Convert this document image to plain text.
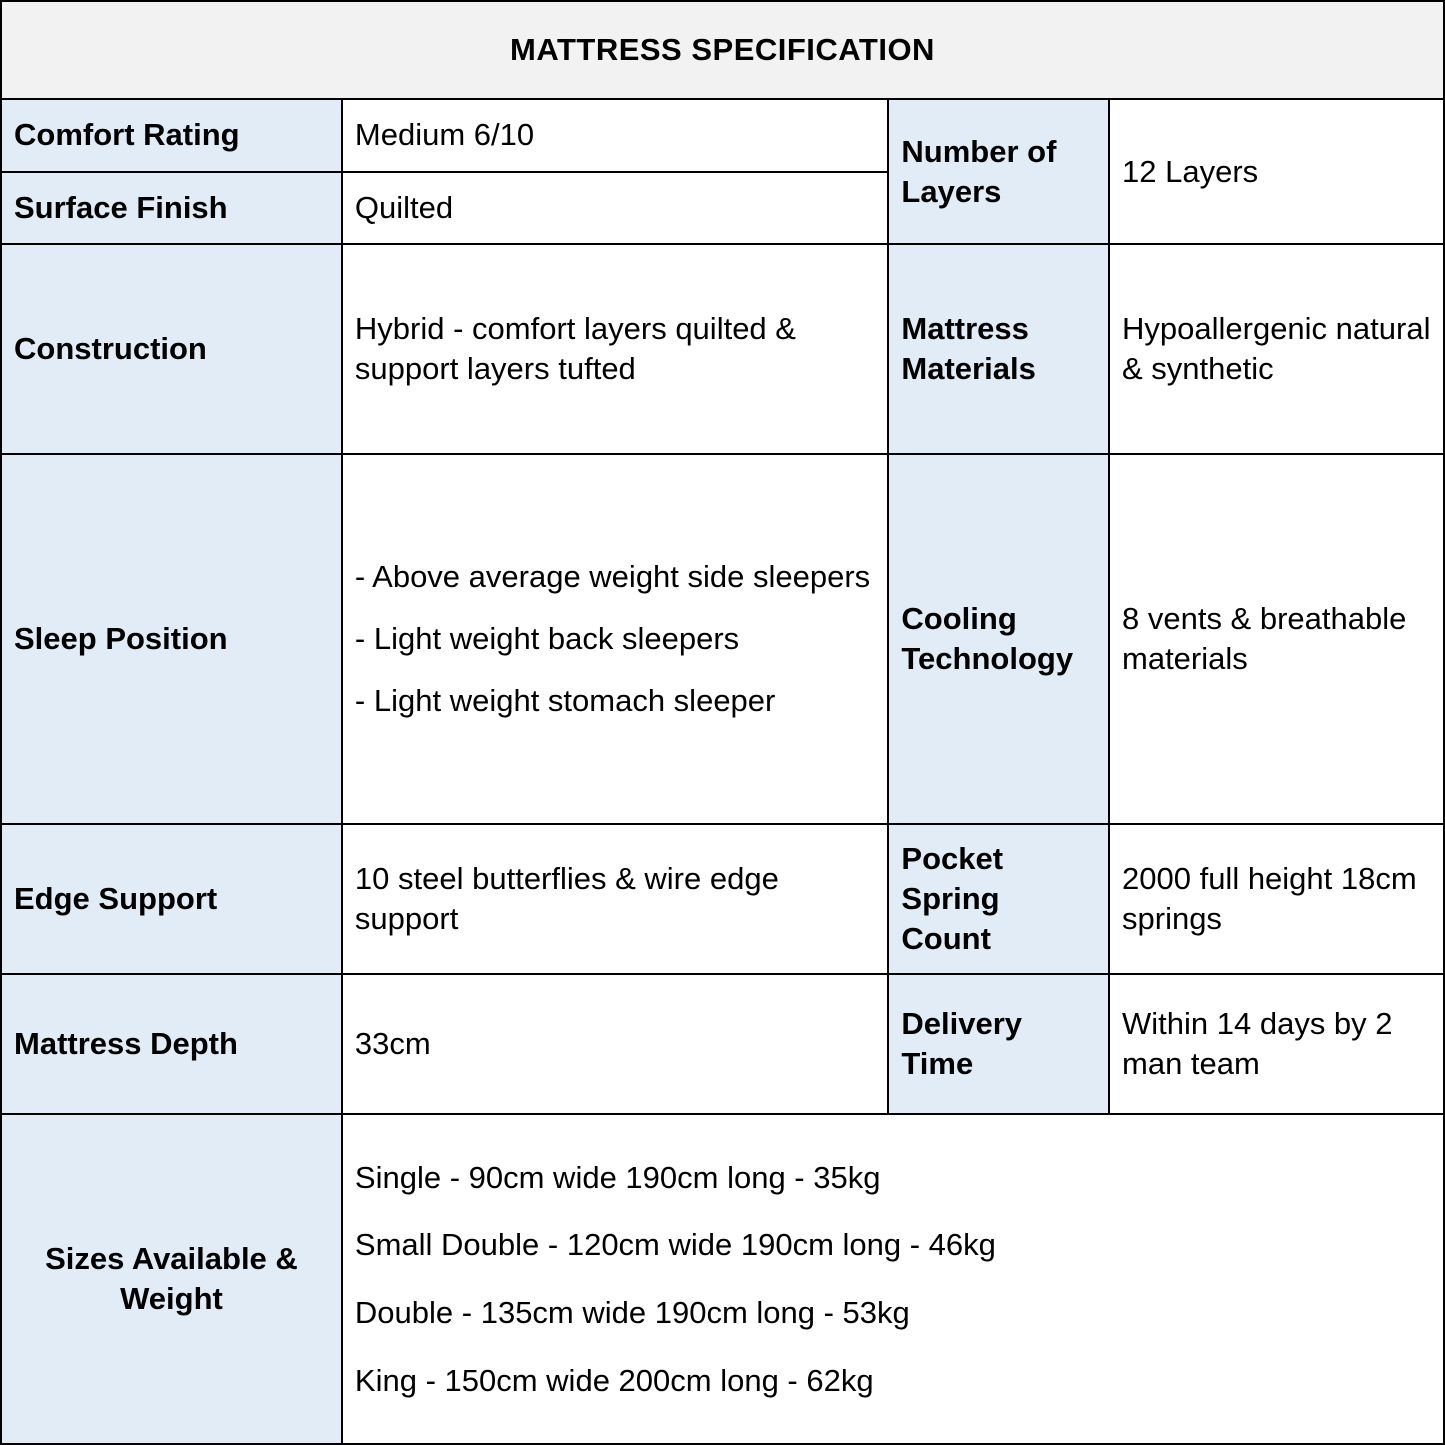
MATTRESS SPECIFICATION			
Comfort Rating	Medium 6/10	Number of Layers	12 Layers
Surface Finish	Quilted		
Construction	Hybrid - comfort layers quilted & support layers tufted	Mattress Materials	Hypoallergenic natural & synthetic
Sleep Position	- Above average weight side sleepers

- Light weight back sleepers

- Light weight stomach sleeper	Cooling Technology	8 vents & breathable materials
Edge Support	10 steel butterflies & wire edge support	Pocket Spring Count	2000 full height 18cm springs
Mattress Depth	33cm	Delivery Time	Within 14 days by 2 man team
Sizes Available & Weight	Single - 90cm wide 190cm long - 35kg

Small Double - 120cm wide 190cm long - 46kg

Double - 135cm wide 190cm long - 53kg

King - 150cm wide 200cm long - 62kg		
